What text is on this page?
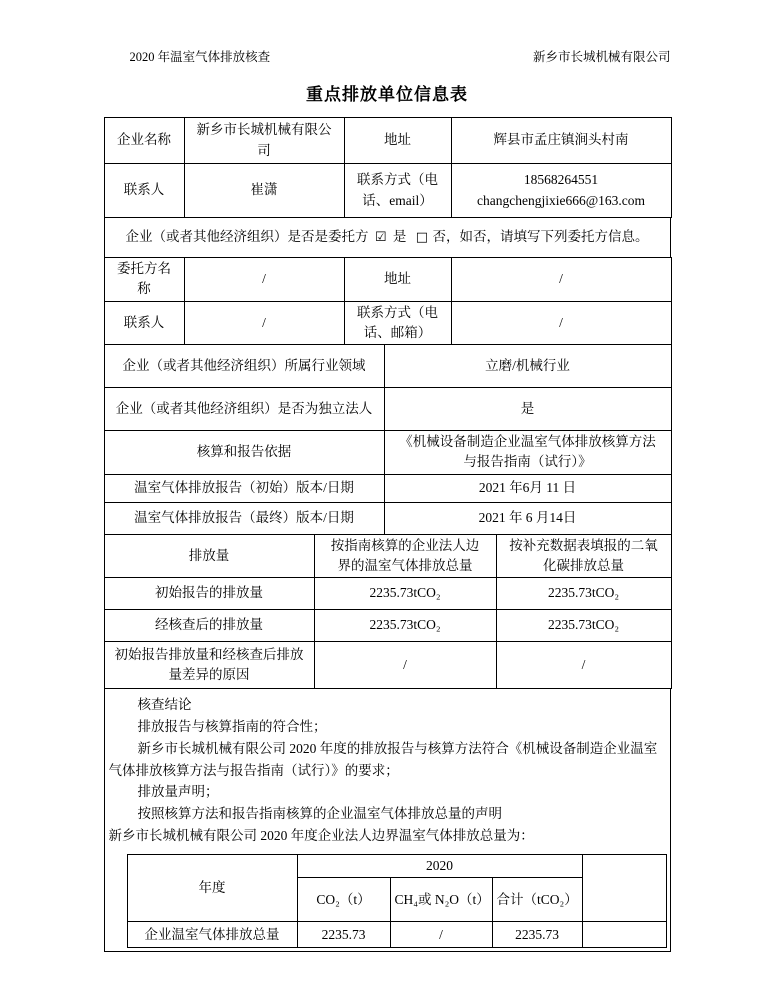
2020 年温室气体排放核查	新乡市长城机械有限公司
重点排放单位信息表
企业名称	新乡市长城机械有限公司	地址	辉县市孟庄镇涧头村南
联系人	崔潇	联系方式（电话、email）	18568264551
changchengjixie666@163.com
企业（或者其他经济组织）是否是委托方 ☑ 是 □ 否，如否，请填写下列委托方信息。
委托方名称	/	地址	/
联系人	/	联系方式（电话、邮箱）	/
企业（或者其他经济组织）所属行业领域	立磨/机械行业
企业（或者其他经济组织）是否为独立法人	是
核算和报告依据	《机械设备制造企业温室气体排放核算方法与报告指南（试行）》
温室气体排放报告（初始）版本/日期	2021 年6月 11 日
温室气体排放报告（最终）版本/日期	2021 年 6 月14日
排放量	按指南核算的企业法人边界的温室气体排放总量	按补充数据表填报的二氧化碳排放总量
初始报告的排放量	2235.73tCO₂	2235.73tCO₂
经核查后的排放量	2235.73tCO₂	2235.73tCO₂
初始报告排放量和经核查后排放量差异的原因	/	/
核查结论
排放报告与核算指南的符合性；
新乡市长城机械有限公司 2020 年度的排放报告与核算方法符合《机械设备制造企业温室气体排放核算方法与报告指南（试行）》的要求；
排放量声明；
按照核算方法和报告指南核算的企业温室气体排放总量的声明
新乡市长城机械有限公司 2020 年度企业法人边界温室气体排放总量为：
年度	2020	
CO₂（t）	CH₄或 N₂O（t）	合计（tCO₂）
企业温室气体排放总量	2235.73	/	2235.73	
